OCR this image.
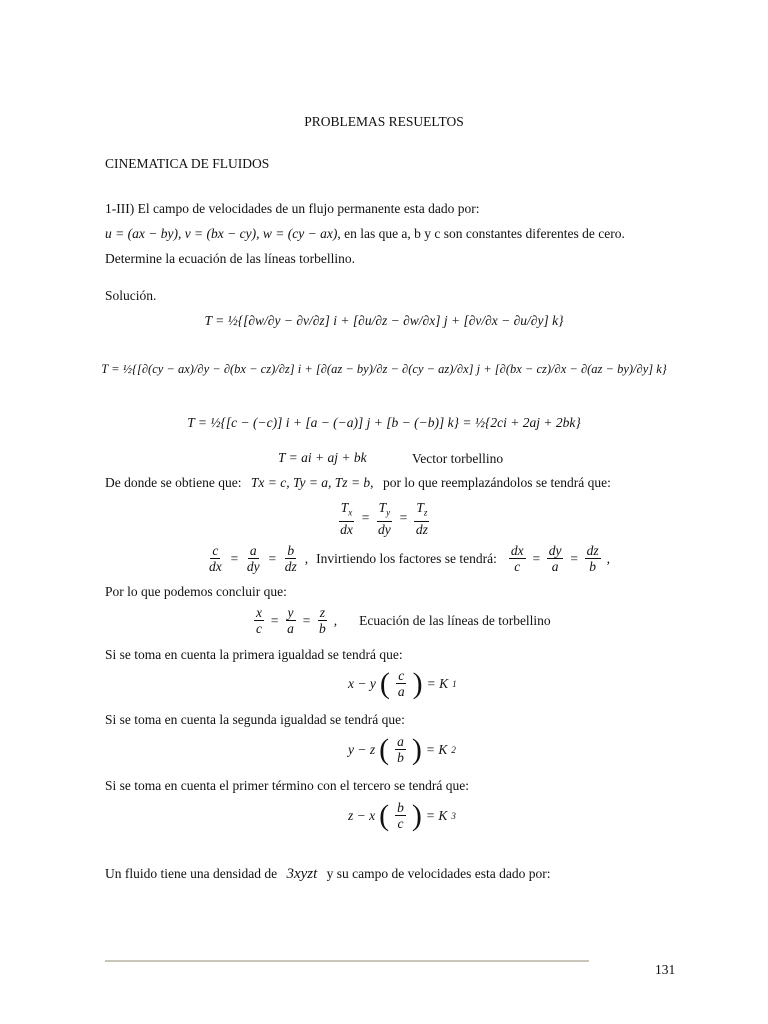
PROBLEMAS RESUELTOS
CINEMATICA DE FLUIDOS
1-III) El campo de velocidades de un flujo permanente esta dado por:
u = (ax − by), v = (bx − cy), w = (cy − ax), en las que a, b y c son constantes diferentes de cero.
Determine la ecuación de las líneas torbellino.
Solución.
T = ½{[∂w/∂y − ∂v/∂z] i + [∂u/∂z − ∂w/∂x] j + [∂v/∂x − ∂u/∂y] k}
T = ½{[∂(cy − ax)/∂y − ∂(bx − cz)/∂z] i + [∂(az − by)/∂z − ∂(cy − az)/∂x] j + [∂(bx − cz)/∂x − ∂(az − by)/∂y] k}
T = ½{[c − (−c)] i + [a − (−a)] j + [b − (−b)] k} = ½{2ci + 2aj + 2bk}
T = ai + aj + bk	Vector torbellino
De donde se obtiene que: Tx = c, Ty = a, Tz = b, por lo que reemplazándolos se tendrá que:
$\frac{T_x}{dx} = \frac{T_y}{dy} = \frac{T_z}{dz}$
$\frac{c}{dx} = \frac{a}{dy} = \frac{b}{dz}$ , Invirtiendo los factores se tendrá: $\frac{dx}{c} = \frac{dy}{a} = \frac{dz}{b}$ ,
Por lo que podemos concluir que:
$\frac{x}{c} = \frac{y}{a} = \frac{z}{b}$ , Ecuación de las líneas de torbellino
Si se toma en cuenta la primera igualdad se tendrá que:
x − y ( $\frac{c}{a}$ ) = K 1
Si se toma en cuenta la segunda igualdad se tendrá que:
y − z ( $\frac{a}{b}$ ) = K 2
Si se toma en cuenta el primer término con el tercero se tendrá que:
z − x ( $\frac{b}{c}$ ) = K 3
Un fluido tiene una densidad de 3xyzt y su campo de velocidades esta dado por:
131
